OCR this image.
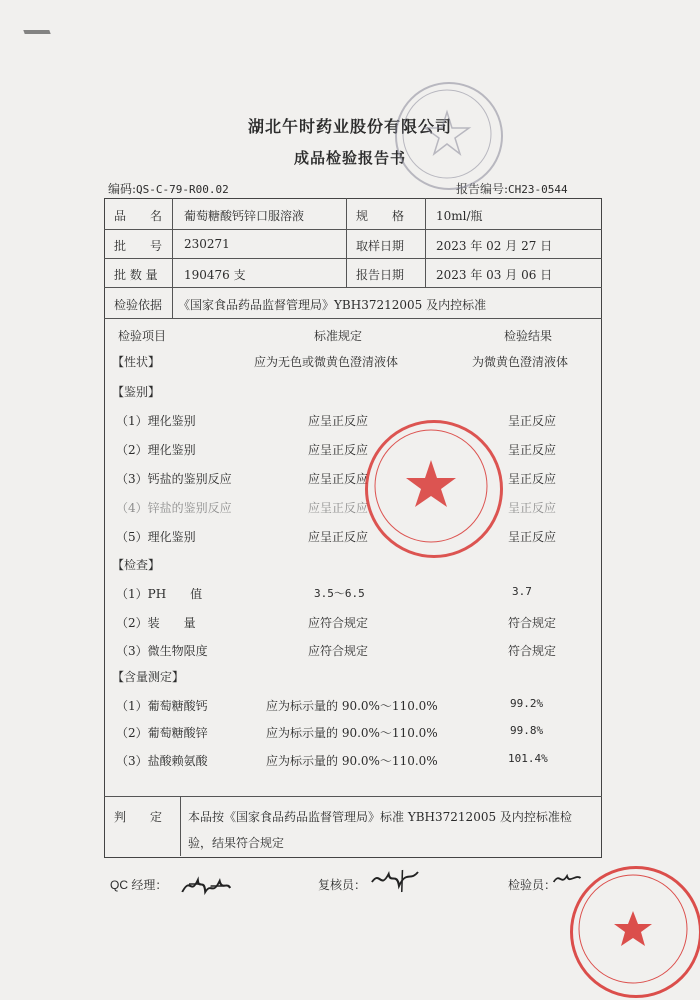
湖北午时药业股份有限公司
成品检验报告书
编码:QS-C-79-R00.02	报告编号:CH23-0544
品　　名 葡萄糖酸钙锌口服溶液	规　　格	10ml/瓶
批　　号 230271	取样日期	2023 年 02 月 27 日
批 数 量 190476 支	报告日期	2023 年 03 月 06 日
检验依据 《国家食品药品监督管理局》YBH37212005 及内控标准
检验项目	标准规定	检验结果
【性状】	应为无色或微黄色澄清液体	为微黄色澄清液体
【鉴别】
（1）理化鉴别	应呈正反应	呈正反应
（2）理化鉴别	应呈正反应	呈正反应
（3）钙盐的鉴别反应	应呈正反应	呈正反应
（4）锌盐的鉴别反应	应呈正反应	呈正反应
（5）理化鉴别	应呈正反应	呈正反应
【检查】
（1）PH　　值	3.5～6.5	3.7
（2）装　　量	应符合规定	符合规定
（3）微生物限度	应符合规定	符合规定
【含量测定】
（1）葡萄糖酸钙	应为标示量的 90.0%～110.0%	99.2%
（2）葡萄糖酸锌	应为标示量的 90.0%～110.0%	99.8%
（3）盐酸赖氨酸	应为标示量的 90.0%～110.0%	101.4%
判　　定 本品按《国家食品药品监督管理局》标准 YBH37212005 及内控标准检
验，结果符合规定
QC 经理：	复核员：	检验员：
